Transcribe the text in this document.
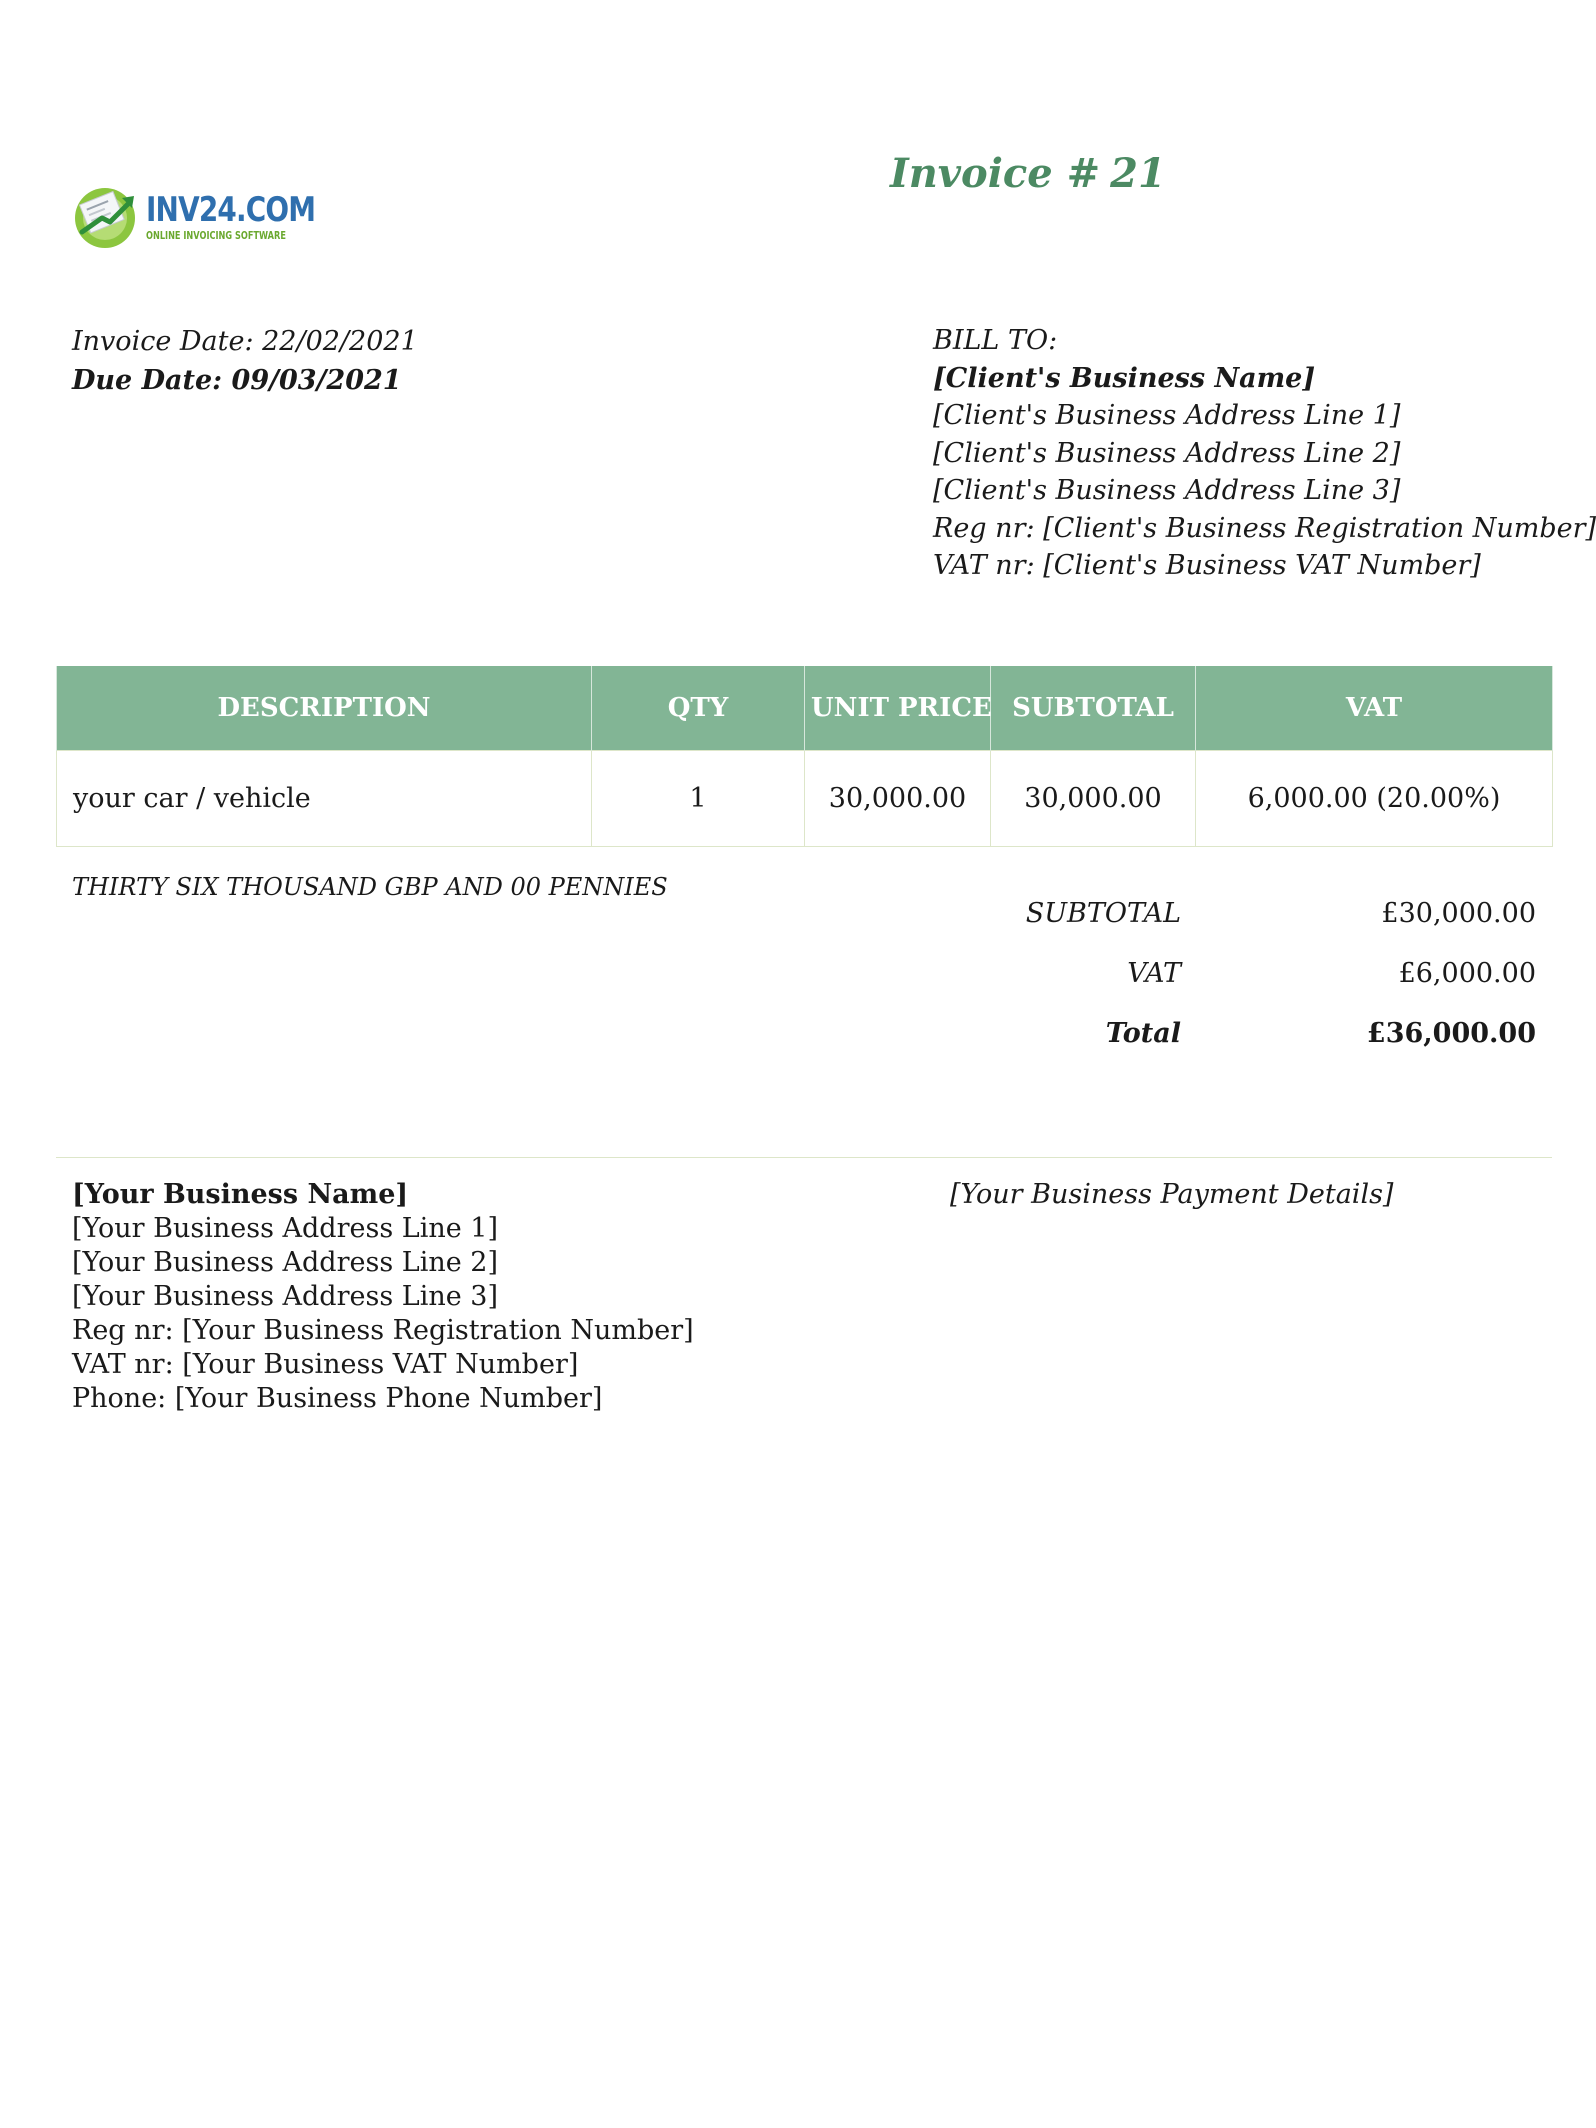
INV24.COM
ONLINE INVOICING SOFTWARE
Invoice # 21
Invoice Date: 22/02/2021
Due Date: 09/03/2021
BILL TO:
[Client's Business Name]
[Client's Business Address Line 1]
[Client's Business Address Line 2]
[Client's Business Address Line 3]
Reg nr: [Client's Business Registration Number]
VAT nr: [Client's Business VAT Number]
DESCRIPTION	QTY	UNIT PRICE	SUBTOTAL	VAT
your car / vehicle	1	30,000.00	30,000.00	6,000.00 (20.00%)
THIRTY SIX THOUSAND GBP AND 00 PENNIES
SUBTOTAL	£30,000.00
VAT	£6,000.00
Total	£36,000.00
[Your Business Name]
[Your Business Address Line 1]
[Your Business Address Line 2]
[Your Business Address Line 3]
Reg nr: [Your Business Registration Number]
VAT nr: [Your Business VAT Number]
Phone: [Your Business Phone Number]
[Your Business Payment Details]
